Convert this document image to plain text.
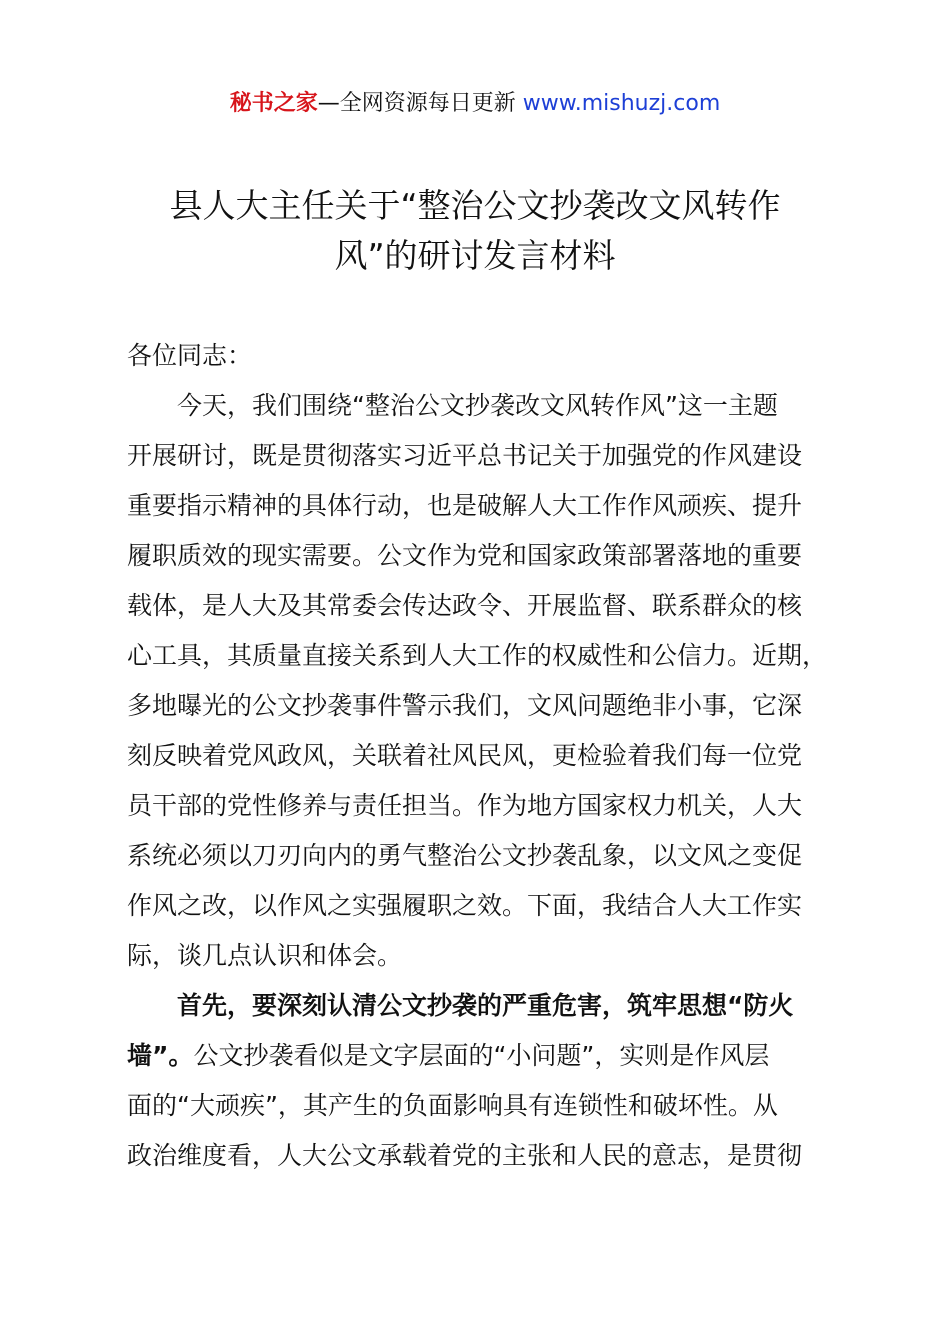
秘书之家—全网资源每日更新 www.mishuzj.com
县人大主任关于“整治公文抄袭改文风转作
风”的研讨发言材料
各位同志：
今天，我们围绕“整治公文抄袭改文风转作风”这一主题
开展研讨，既是贯彻落实习近平总书记关于加强党的作风建设
重要指示精神的具体行动，也是破解人大工作作风顽疾、提升
履职质效的现实需要。公文作为党和国家政策部署落地的重要
载体，是人大及其常委会传达政令、开展监督、联系群众的核
心工具，其质量直接关系到人大工作的权威性和公信力。近期，
多地曝光的公文抄袭事件警示我们，文风问题绝非小事，它深
刻反映着党风政风，关联着社风民风，更检验着我们每一位党
员干部的党性修养与责任担当。作为地方国家权力机关，人大
系统必须以刀刃向内的勇气整治公文抄袭乱象，以文风之变促
作风之改，以作风之实强履职之效。下面，我结合人大工作实
际，谈几点认识和体会。
首先，要深刻认清公文抄袭的严重危害，筑牢思想“防火
墙”。公文抄袭看似是文字层面的“小问题”，实则是作风层
面的“大顽疾”，其产生的负面影响具有连锁性和破坏性。从
政治维度看，人大公文承载着党的主张和人民的意志，是贯彻
